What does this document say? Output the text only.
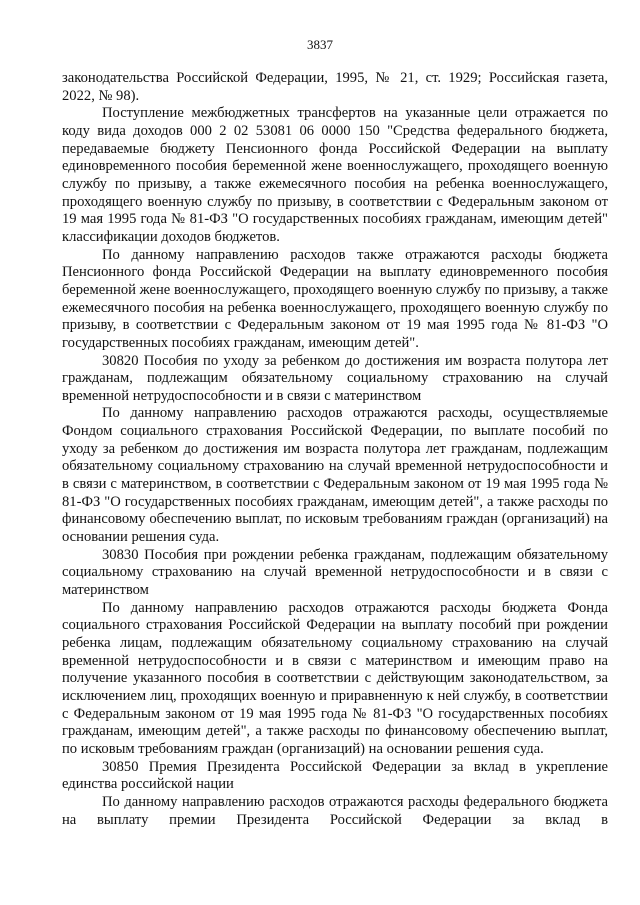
3837

законодательства Российской Федерации, 1995, № 21, ст. 1929; Российская газета, 2022, № 98).

Поступление межбюджетных трансфертов на указанные цели отражается по коду вида доходов 000 2 02 53081 06 0000 150 "Средства федерального бюджета, передаваемые бюджету Пенсионного фонда Российской Федерации на выплату единовременного пособия беременной жене военнослужащего, проходящего военную службу по призыву, а также ежемесячного пособия на ребенка военнослужащего, проходящего военную службу по призыву, в соответствии с Федеральным законом от 19 мая 1995 года № 81-ФЗ "О государственных пособиях гражданам, имеющим детей" классификации доходов бюджетов.

По данному направлению расходов также отражаются расходы бюджета Пенсионного фонда Российской Федерации на выплату единовременного пособия беременной жене военнослужащего, проходящего военную службу по призыву, а также ежемесячного пособия на ребенка военнослужащего, проходящего военную службу по призыву, в соответствии с Федеральным законом от 19 мая 1995 года № 81-ФЗ "О государственных пособиях гражданам, имеющим детей".

30820 Пособия по уходу за ребенком до достижения им возраста полутора лет гражданам, подлежащим обязательному социальному страхованию на случай временной нетрудоспособности и в связи с материнством

По данному направлению расходов отражаются расходы, осуществляемые Фондом социального страхования Российской Федерации, по выплате пособий по уходу за ребенком до достижения им возраста полутора лет гражданам, подлежащим обязательному социальному страхованию на случай временной нетрудоспособности и в связи с материнством, в соответствии с Федеральным законом от 19 мая 1995 года № 81-ФЗ "О государственных пособиях гражданам, имеющим детей", а также расходы по финансовому обеспечению выплат, по исковым требованиям граждан (организаций) на основании решения суда.

30830 Пособия при рождении ребенка гражданам, подлежащим обязательному социальному страхованию на случай временной нетрудоспособности и в связи с материнством

По данному направлению расходов отражаются расходы бюджета Фонда социального страхования Российской Федерации на выплату пособий при рождении ребенка лицам, подлежащим обязательному социальному страхованию на случай временной нетрудоспособности и в связи с материнством и имеющим право на получение указанного пособия в соответствии с действующим законодательством, за исключением лиц, проходящих военную и приравненную к ней службу, в соответствии с Федеральным законом от 19 мая 1995 года № 81-ФЗ "О государственных пособиях гражданам, имеющим детей", а также расходы по финансовому обеспечению выплат, по исковым требованиям граждан (организаций) на основании решения суда.

30850 Премия Президента Российской Федерации за вклад в укрепление единства российской нации

По данному направлению расходов отражаются расходы федерального бюджета на выплату премии Президента Российской Федерации за вклад в
